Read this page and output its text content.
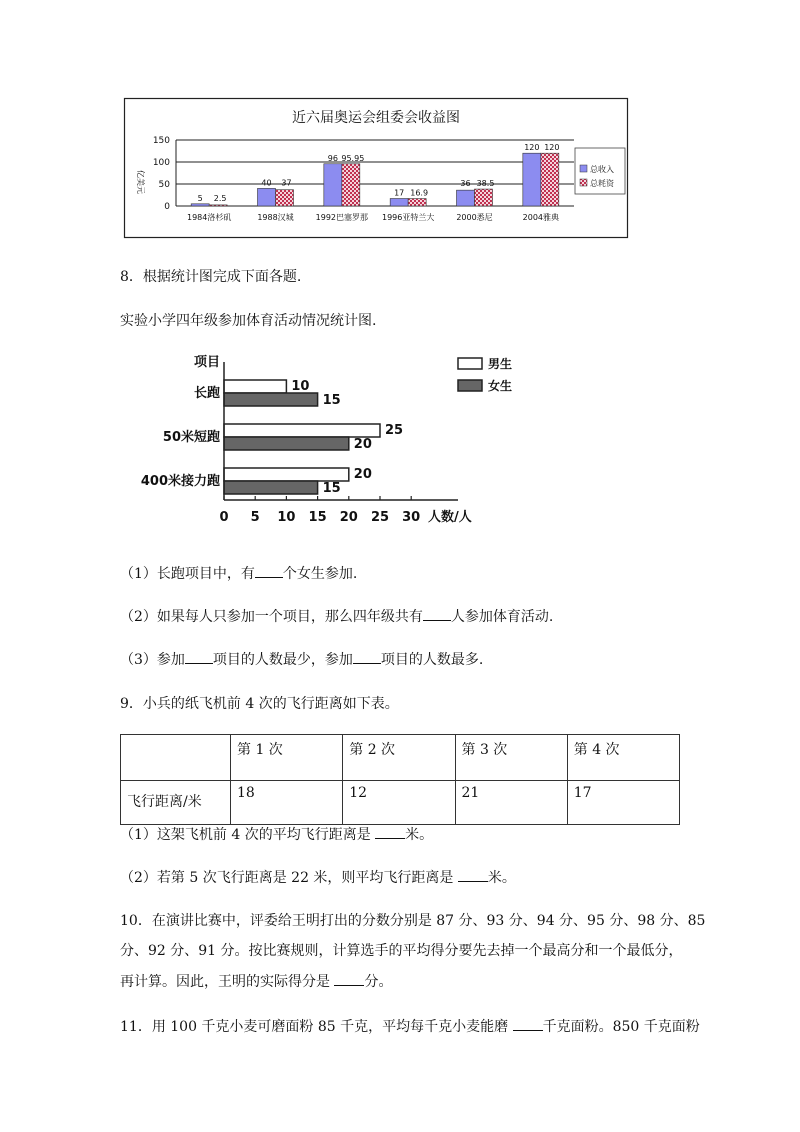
近六届奥运会组委会收益图
亿美元
0
50
100
150
5 2.5
40 37
96 95.95
17 16.9
36 38.5
120 120
1984洛杉矶	1988汉城	1992巴塞罗那 1996亚特兰大	2000悉尼	2004雅典
总收入
总耗资
8．根据统计图完成下面各题.
实验小学四年级参加体育活动情况统计图.
项目
长跑
50米短跑
400米接力跑
10
15
25
20
20
15
0 5 10 15 20 25 30 人数/人
男生
女生
（1）长跑项目中，有 个女生参加.
（2）如果每人只参加一个项目，那么四年级共有 人参加体育活动.
（3）参加 项目的人数最少，参加 项目的人数最多.
9．小兵的纸飞机前 4 次的飞行距离如下表。
	第 1 次	第 2 次	第 3 次	第 4 次
飞行距离/米	18	12	21	17
（1）这架飞机前 4 次的平均飞行距离是 米。
（2）若第 5 次飞行距离是 22 米，则平均飞行距离是 米。
10．在演讲比赛中，评委给王明打出的分数分别是 87 分、93 分、94 分、95 分、98 分、85
分、92 分、91 分。按比赛规则，计算选手的平均得分要先去掉一个最高分和一个最低分，
再计算。因此，王明的实际得分是 分。
11．用 100 千克小麦可磨面粉 85 千克，平均每千克小麦能磨 千克面粉。850 千克面粉
